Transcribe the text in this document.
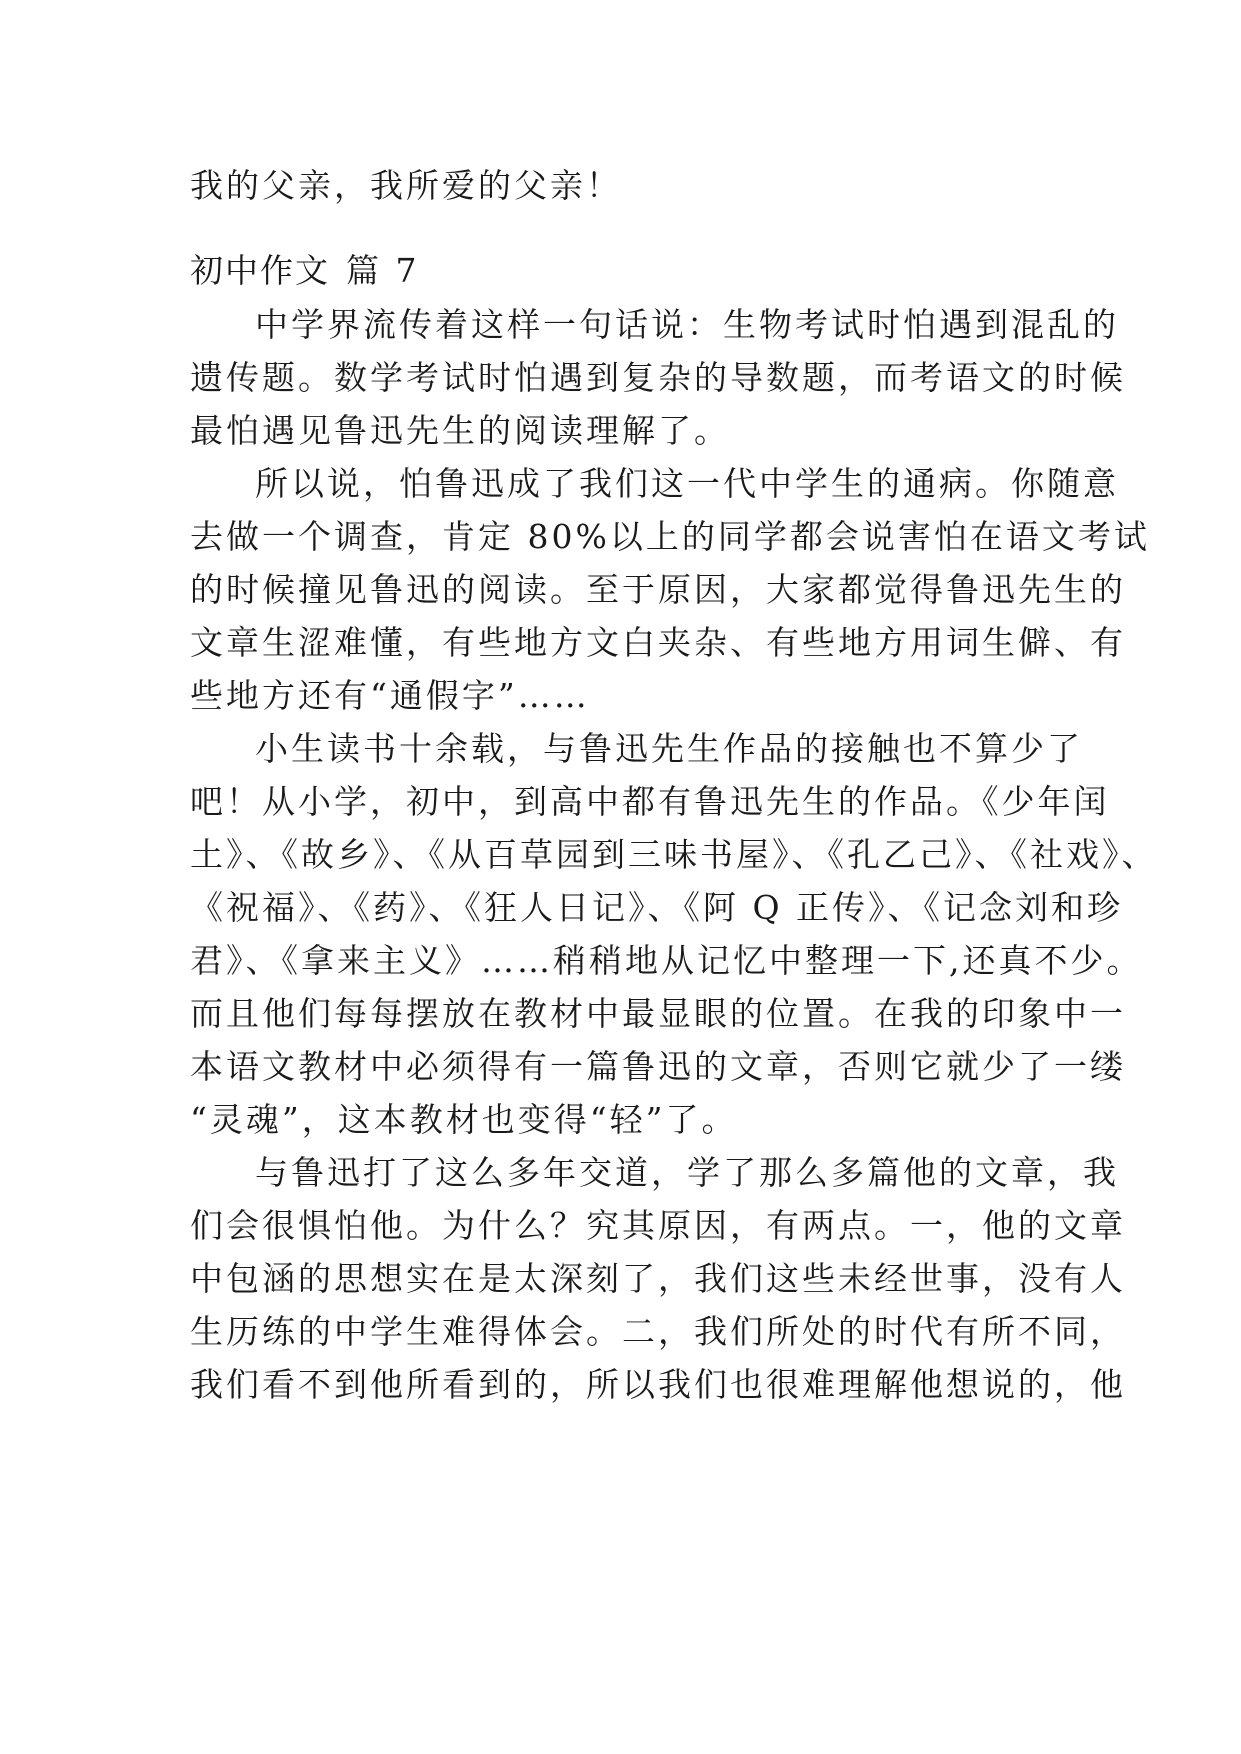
我的父亲，我所爱的父亲！
初中作文 篇 7
中学界流传着这样一句话说：生物考试时怕遇到混乱的
遗传题。数学考试时怕遇到复杂的导数题，而考语文的时候
最怕遇见鲁迅先生的阅读理解了。
所以说，怕鲁迅成了我们这一代中学生的通病。你随意
去做一个调查，肯定 80%以上的同学都会说害怕在语文考试
的时候撞见鲁迅的阅读。至于原因，大家都觉得鲁迅先生的
文章生涩难懂，有些地方文白夹杂、有些地方用词生僻、有
些地方还有“通假字”……
小生读书十余载，与鲁迅先生作品的接触也不算少了
吧！从小学，初中，到高中都有鲁迅先生的作品。《少年闰
土》、《故乡》、《从百草园到三味书屋》、《孔乙己》、《社戏》、
《祝福》、《药》、《狂人日记》、《阿 Q 正传》、《记念刘和珍
君》、《拿来主义》……稍稍地从记忆中整理一下,还真不少。
而且他们每每摆放在教材中最显眼的位置。在我的印象中一
本语文教材中必须得有一篇鲁迅的文章，否则它就少了一缕
“灵魂”，这本教材也变得“轻”了。
与鲁迅打了这么多年交道，学了那么多篇他的文章，我
们会很惧怕他。为什么？究其原因，有两点。一，他的文章
中包涵的思想实在是太深刻了，我们这些未经世事，没有人
生历练的中学生难得体会。二，我们所处的时代有所不同，
我们看不到他所看到的，所以我们也很难理解他想说的，他
